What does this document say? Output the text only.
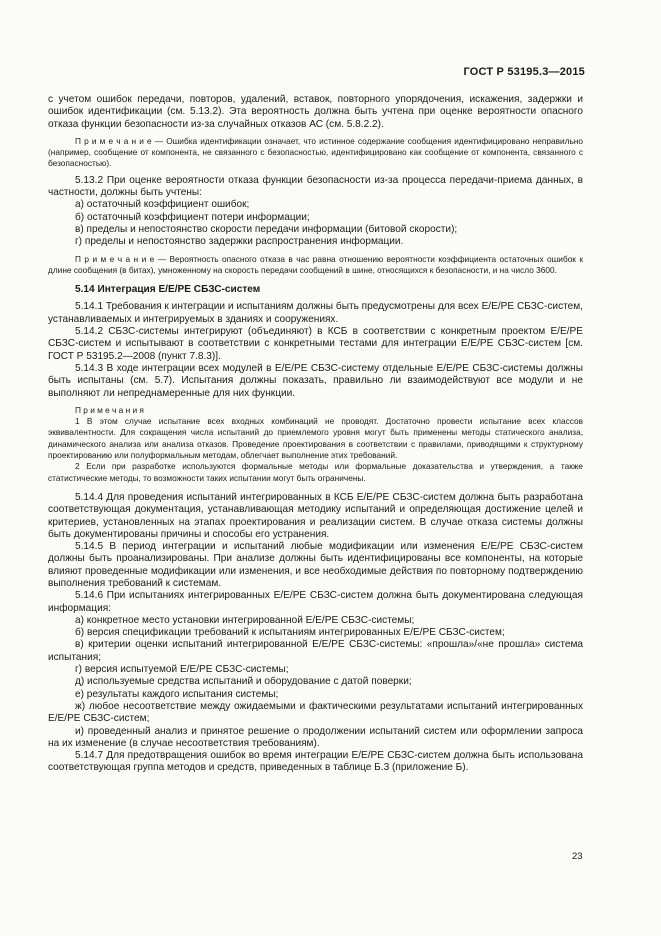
ГОСТ Р 53195.3—2015

с учетом ошибок передачи, повторов, удалений, вставок, повторного упорядочения, искажения, задержки и ошибок идентификации (см. 5.13.2). Эта вероятность должна быть учтена при оценке вероятности опасного отказа функции безопасности из-за случайных отказов АС (см. 5.8.2.2).

П р и м е ч а н и е — Ошибка идентификации означает, что истинное содержание сообщения идентифицировано неправильно (например, сообщение от компонента, не связанного с безопасностью, идентифицировано как сообщение от компонента, связанного с безопасностью).

5.13.2 При оценке вероятности отказа функции безопасности из-за процесса передачи-приема данных, в частности, должны быть учтены:

а) остаточный коэффициент ошибок;

б) остаточный коэффициент потери информации;

в) пределы и непостоянство скорости передачи информации (битовой скорости);

г) пределы и непостоянство задержки распространения информации.

П р и м е ч а н и е — Вероятность опасного отказа в час равна отношению вероятности коэффициента остаточных ошибок к длине сообщения (в битах), умноженному на скорость передачи сообщений в шине, относящихся к безопасности, и на число 3600.

5.14 Интеграция E/E/PE СБЗС-систем

5.14.1 Требования к интеграции и испытаниям должны быть предусмотрены для всех E/E/PE СБЗС-систем, устанавливаемых и интегрируемых в зданиях и сооружениях.

5.14.2 СБЗС-системы интегрируют (объединяют) в КСБ в соответствии с конкретным проектом E/E/PE СБЗС-систем и испытывают в соответствии с конкретными тестами для интеграции E/E/PE СБЗС-систем [см. ГОСТ Р 53195.2—2008 (пункт 7.8.3)].

5.14.3 В ходе интеграции всех модулей в E/E/PE СБЗС-систему отдельные E/E/PE СБЗС-системы должны быть испытаны (см. 5.7). Испытания должны показать, правильно ли взаимодействуют все модули и не выполняют ли непреднамеренные для них функции.

П р и м е ч а н и я

1 В этом случае испытание всех входных комбинаций не проводят. Достаточно провести испытание всех классов эквивалентности. Для сокращения числа испытаний до приемлемого уровня могут быть применены методы статического анализа, динамического анализа или анализа отказов. Проведение проектирования в соответствии с правилами, приводящими к структурному проектированию или полуформальным методам, облегчает выполнение этих требований.

2 Если при разработке используются формальные методы или формальные доказательства и утверждения, а также статистические методы, то возможности таких испытании могут быть ограничены.

5.14.4 Для проведения испытаний интегрированных в КСБ E/E/PE СБЗС-систем должна быть разработана соответствующая документация, устанавливающая методику испытаний и определяющая достижение целей и критериев, установленных на этапах проектирования и реализации систем. В случае отказа системы должны быть документированы причины и способы его устранения.

5.14.5 В период интеграции и испытаний любые модификации или изменения E/E/PE СБЗС-систем должны быть проанализированы. При анализе должны быть идентифицированы все компоненты, на которые влияют проведенные модификации или изменения, и все необходимые действия по повторному подтверждению выполнения требований к системам.

5.14.6 При испытаниях интегрированных E/E/PE СБЗС-систем должна быть документирована следующая информация:

а) конкретное место установки интегрированной E/E/PE СБЗС-системы;

б) версия спецификации требований к испытаниям интегрированных E/E/PE СБЗС-систем;

в) критерии оценки испытаний интегрированной E/E/PE СБЗС-системы: «прошла»/«не прошла» системa испытания;

г) версия испытуемой E/E/PE СБЗС-системы;

д) используемые средства испытаний и оборудование с датой поверки;

е) результаты каждого испытания системы;

ж) любое несоответствие между ожидаемыми и фактическими результатами испытаний интегрированных E/E/PE СБЗС-систем;

и) проведенный анализ и принятое решение о продолжении испытаний систем или оформлении запроса на их изменение (в случае несоответствия требованиям).

5.14.7 Для предотвращения ошибок во время интеграции E/E/PE СБЗС-систем должна быть использована соответствующая группа методов и средств, приведенных в таблице Б.3 (приложение Б).

23
